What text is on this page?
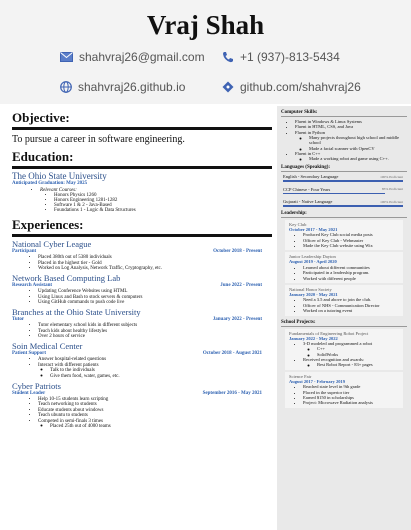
Vraj Shah
shahvraj26@gmail.com	+1 (937)-813-5434
shahvraj26.github.io	github.com/shahvraj26
Objective:
To pursue a career in software engineering.
Education:
The Ohio State University
Anticipated Graduation: May 2025
• Relevant Courses:
• Honors Physics 1260
• Honors Engineering 1281-1282
• Software 1 & 2 - Java-Based
• Foundations 1 - Logic & Data Structures
Experiences:
National Cyber League
Participant	October 2018 - Present
• Placed 380th out of 5380 individuals
• Placed in the highest tier - Gold
• Worked on Log Analysis, Network Traffic, Cryptography, etc.
Network Based Computing Lab
Research Assistant	June 2022 - Present
• Updating Conference Websites using HTML
• Using Linux and Bash to stock servers & computers
• Using GitHub commands to push code live
Branches at the Ohio State University
Tutor	January 2022 - Present
• Tutor elementary school kids in different subjects
• Teach kids about healthy lifestyles
• Over 2 hours of service
Soin Medical Center
Patient Support	October 2018 - August 2021
• Answer hospital-related questions
• Interact with different patients
◦ Talk to the individuals
◦ Give them food, water, games, etc.
Cyber Patriots
Student Leader	September 2016 - May 2021
• Help 10-15 students learn scripting
• Teach networking to students
• Educate students about windows
• Teach ubuntu to students
• Competed in semi-finals 3 times
◦ Placed 25th out of 4000 teams
Computer Skills:
• Fluent in Windows & Linux Systems
• Fluent in HTML, CSS, and Java
• Fluent in Python
◦ Many projects throughout high school and middle school
◦ Made a facial scanner with OpenCV
• Fluent in C++
◦ Made a working robot and game using C++.
Languages (Speaking):
English - Secondary Language	100% Proficient
CCP Chinese - Four Years	85% Proficient
Gujarati - Native Language	100% Proficient
Leadership:
Key Club
October 2017 - May 2021
• Produced Key Club social media posts
• Officer of Key Club - Webmaster
• Made the Key Club website using Wix
Junior Leadership Dayton
August 2019 - April 2020
• Learned about different communities
• Participated in a leadership program.
• Worked with different people
National Honor Society
January 2020 - May 2021
• Need a 3.5 and above to join the club.
• Officer of NHS - Communication Director
• Worked on a tutoring event
School Projects:
Fundamentals of Engineering Robot Project
January 2022 - May 2022
• 3-D modeled and programmed a robot
◦ C++
◦ SolidWorks
• Received recognition and awards:
◦ Best Robot Report - 83+ pages
Science Fair
August 2017 - February 2019
• Reached state level in 9th grade
• Placed in the superior tier
• Earned $150 in scholarships
• Project: Microwave Radiation analysis
